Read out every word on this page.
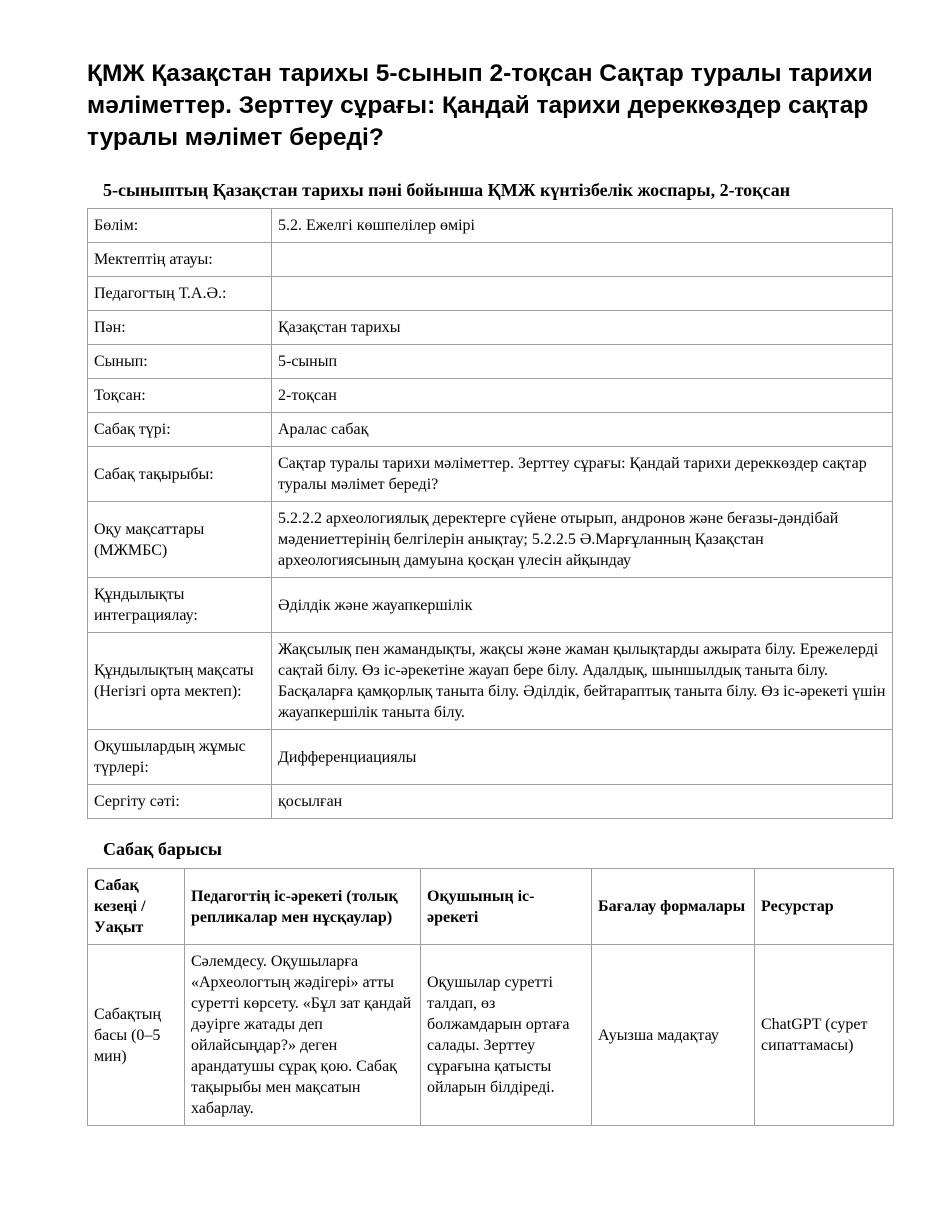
ҚМЖ Қазақстан тарихы 5-сынып 2-тоқсан Сақтар туралы тарихи мәліметтер. Зерттеу сұрағы: Қандай тарихи дереккөздер сақтар туралы мәлімет береді?
5-сыныптың Қазақстан тарихы пәні бойынша ҚМЖ күнтізбелік жоспары, 2-тоқсан
Бөлім:	5.2. Ежелгі көшпелілер өмірі
Мектептің атауы:	
Педагогтың Т.А.Ә.:	
Пән:	Қазақстан тарихы
Сынып:	5-сынып
Тоқсан:	2-тоқсан
Сабақ түрі:	Аралас сабақ
Сабақ тақырыбы:	Сақтар туралы тарихи мәліметтер. Зерттеу сұрағы: Қандай тарихи дереккөздер сақтар туралы мәлімет береді?
Оқу мақсаттары (МЖМБС)	5.2.2.2 археологиялық деректерге сүйене отырып, андронов және беғазы-дәндібай мәдениеттерінің белгілерін анықтау; 5.2.2.5 Ә.Марғұланның Қазақстан археологиясының дамуына қосқан үлесін айқындау
Құндылықты интеграциялау:	Әділдік және жауапкершілік
Құндылықтың мақсаты (Негізгі орта мектеп):	Жақсылық пен жамандықты, жақсы және жаман қылықтарды ажырата білу. Ережелерді сақтай білу. Өз іс-әрекетіне жауап бере білу. Адалдық, шыншылдық таныта білу. Басқаларға қамқорлық таныта білу. Әділдік, бейтараптық таныта білу. Өз іс-әрекеті үшін жауапкершілік таныта білу.
Оқушылардың жұмыс түрлері:	Дифференциациялы
Сергіту сәті:	қосылған
Сабақ барысы
Сабақ кезеңі / Уақыт	Педагогтің іс-әрекеті (толық репликалар мен нұсқаулар)	Оқушының іс-әрекеті	Бағалау формалары	Ресурстар
Сабақтың басы (0–5 мин)	Сәлемдесу. Оқушыларға «Археологтың жәдігері» атты суретті көрсету. «Бұл зат қандай дәуірге жатады деп ойлайсыңдар?» деген арандатушы сұрақ қою. Сабақ тақырыбы мен мақсатын хабарлау.	Оқушылар суретті талдап, өз болжамдарын ортаға салады. Зерттеу сұрағына қатысты ойларын білдіреді.	Ауызша мадақтау	ChatGPT (сурет сипаттамасы)
